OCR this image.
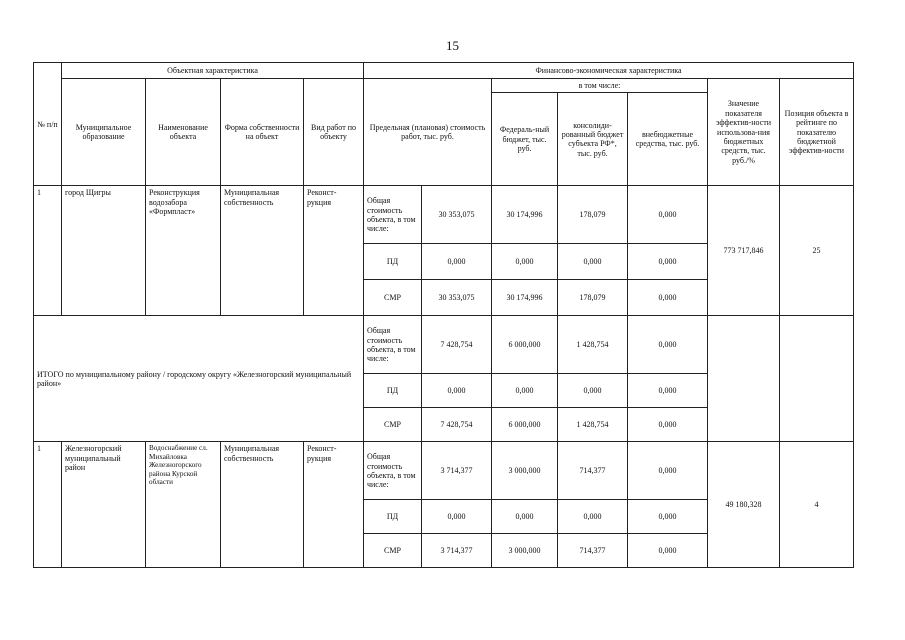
15
№ п/п	Объектная характеристика				Финансово-экономическая характеристика						
	Муниципальное образование	Наименование объекта	Форма собственности на объект	Вид работ по объекту	Предельная (плановая) стоимость работ, тыс. руб.		в том числе:			Значение показателя эффектив-ности использова-ния бюджетных средств, тыс. руб./%	Позиция объекта в рейтинге по показателю бюджетной эффектив-ности
							Федераль-ный бюджет, тыс. руб.	консолиди-рованный бюджет субъекта РФ*, тыс. руб.	внебюджетные средства, тыс. руб.		
1	город Щигры	Реконструкция водозабора «Формпласт»	Муниципальная собственность	Реконст-рукция	Общая стоимость объекта, в том числе:	30 353,075	30 174,996	178,079	0,000	773 717,846	25
					ПД	0,000	0,000	0,000	0,000		
					СМР	30 353,075	30 174,996	178,079	0,000		
ИТОГО по муниципальному району / городскому округу «Железногорский муниципальный район»					Общая стоимость объекта, в том числе:	7 428,754	6 000,000	1 428,754	0,000		
					ПД	0,000	0,000	0,000	0,000		
					СМР	7 428,754	6 000,000	1 428,754	0,000		
1	Железногорский муниципальный район	Водоснабжение сл. Михайловка Железногорского района Курской области	Муниципальная собственность	Реконст-рукция	Общая стоимость объекта, в том числе:	3 714,377	3 000,000	714,377	0,000	49 180,328	4
					ПД	0,000	0,000	0,000	0,000		
					СМР	3 714,377	3 000,000	714,377	0,000		
